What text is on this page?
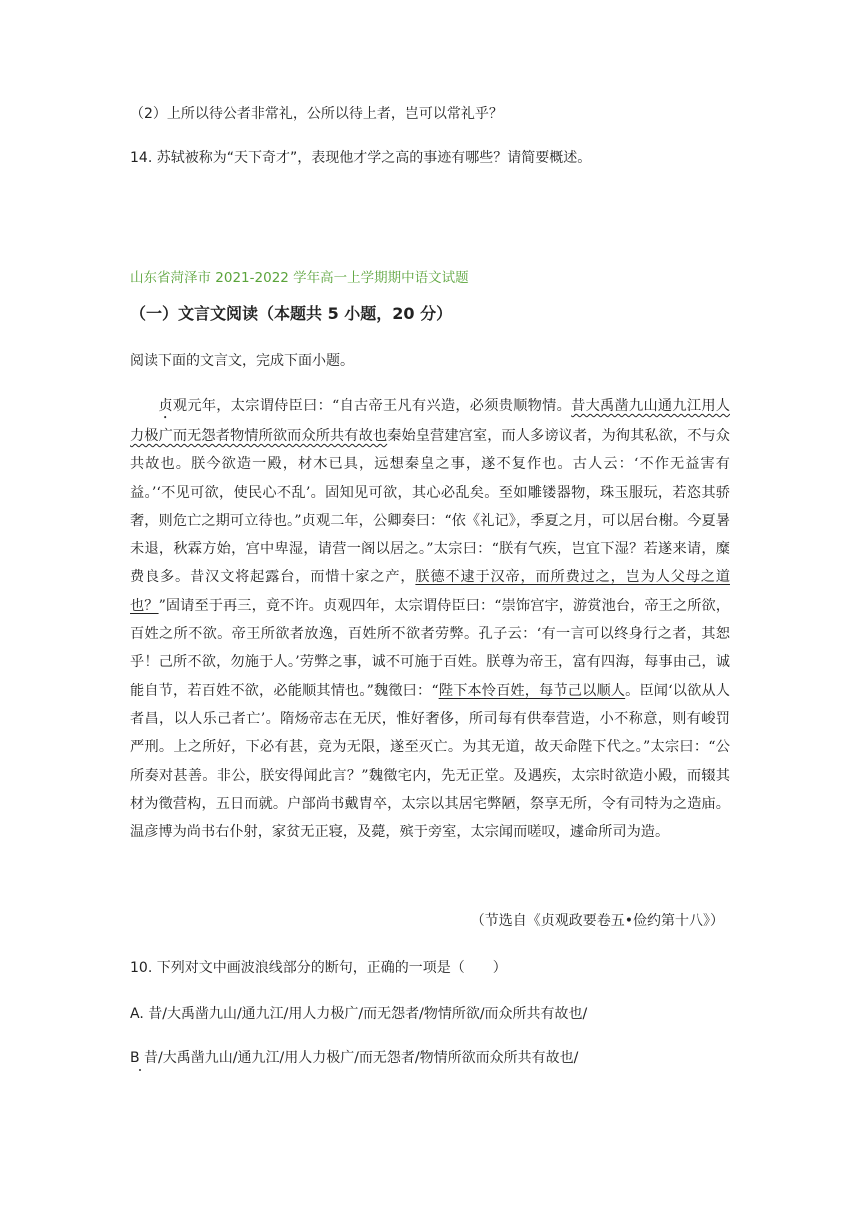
（2）上所以待公者非常礼，公所以待上者，岂可以常礼乎？
14. 苏轼被称为“天下奇才”，表现他才学之高的事迹有哪些？请简要概述。
山东省菏泽市 2021-2022 学年高一上学期期中语文试题
（一）文言文阅读（本题共 5 小题，20 分）
阅读下面的文言文，完成下面小题。

贞观元年，太宗谓侍臣曰：“自古帝王凡有兴造，必须贵顺物情。昔大禹凿九山通九江用人力极广而无怨者物情所欲而众所共有故也秦始皇营建宫室，而人多谤议者，为徇其私欲，不与众共故也。朕今欲造一殿，材木已具，远想秦皇之事，遂不复作也。古人云：‘不作无益害有益。’‘不见可欲，使民心不乱’。固知见可欲，其心必乱矣。至如雕镂器物，珠玉服玩，若恣其骄奢，则危亡之期可立待也。”贞观二年，公卿奏曰：“依《礼记》，季夏之月，可以居台榭。今夏暑未退，秋霖方始，宫中卑湿，请营一阁以居之。”太宗曰：“朕有气疾，岂宜下湿？若遂来请，糜费良多。昔汉文将起露台，而惜十家之产，朕德不逮于汉帝，而所费过之，岂为人父母之道也？”固请至于再三，竟不许。贞观四年，太宗谓侍臣曰：“崇饰宫宇，游赏池台，帝王之所欲，百姓之所不欲。帝王所欲者放逸，百姓所不欲者劳弊。孔子云：‘有一言可以终身行之者，其恕乎！己所不欲，勿施于人。’劳弊之事，诚不可施于百姓。朕尊为帝王，富有四海，每事由己，诚能自节，若百姓不欲，必能顺其情也。”魏徵曰：“陛下本怜百姓，每节己以顺人。臣闻‘以欲从人者昌，以人乐己者亡’。隋炀帝志在无厌，惟好奢侈，所司每有供奉营造，小不称意，则有峻罚严刑。上之所好，下必有甚，竞为无限，遂至灭亡。为其无道，故天命陛下代之。”太宗曰：“公所奏对甚善。非公，朕安得闻此言？”魏徵宅内，先无正堂。及遇疾，太宗时欲造小殿，而辍其材为徵营构，五日而就。户部尚书戴胄卒，太宗以其居宅弊陋，祭享无所，令有司特为之造庙。温彦博为尚书右仆射，家贫无正寝，及薨，殡于旁室，太宗闻而嗟叹，遽命所司为造。

（节选自《贞观政要卷五•俭约第十八》）
10. 下列对文中画波浪线部分的断句，正确的一项是（　　）
A. 昔/大禹凿九山/通九江/用人力极广/而无怨者/物情所欲/而众所共有故也/
B 昔/大禹凿九山/通九江/用人力极广/而无怨者/物情所欲而众所共有故也/
